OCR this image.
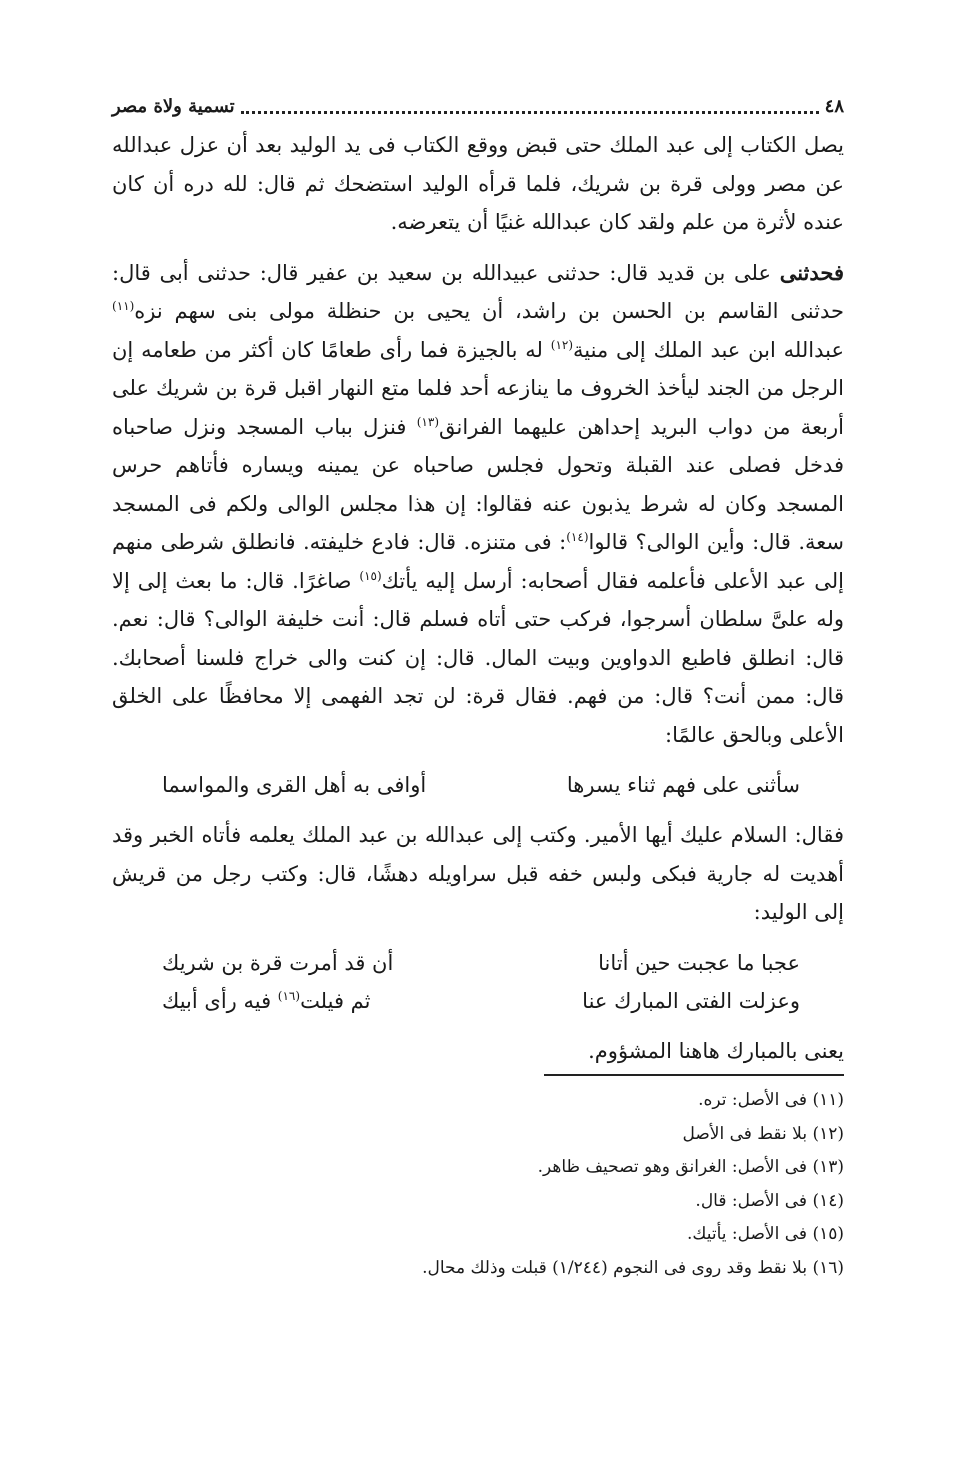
٤٨
تسمية ولاة مصر

يصل الكتاب إلى عبد الملك حتى قبض ووقع الكتاب فى يد الوليد بعد أن عزل عبدالله عن مصر وولى قرة بن شريك، فلما قرأه الوليد استضحك ثم قال: لله دره أن كان عنده لأثرة من علم ولقد كان عبدالله غنيًا أن يتعرضه.

فحدثنى على بن قديد قال: حدثنى عبيدالله بن سعيد بن عفير قال: حدثنى أبى قال: حدثنى القاسم بن الحسن بن راشد، أن يحيى بن حنظلة مولى بنى سهم نزه$^{(١١)}$ عبدالله ابن عبد الملك إلى منية$^{(١٢)}$ له بالجيزة فما رأى طعامًا كان أكثر من طعامه إن الرجل من الجند ليأخذ الخروف ما ينازعه أحد فلما متع النهار اقبل قرة بن شريك على أربعة من دواب البريد إحداهن عليهما الفرانق$^{(١٣)}$ فنزل بباب المسجد ونزل صاحباه فدخل فصلى عند القبلة وتحول فجلس صاحباه عن يمينه ويساره فأتاهم حرس المسجد وكان له شرط يذبون عنه فقالوا: إن هذا مجلس الوالى ولكم فى المسجد سعة. قال: وأين الوالى؟ قالوا$^{(١٤)}$: فى متنزه. قال: فادع خليفته. فانطلق شرطى منهم إلى عبد الأعلى فأعلمه فقال أصحابه: أرسل إليه يأتك$^{(١٥)}$ صاغرًا. قال: ما بعث إلى إلا وله علىَّ سلطان أسرجوا، فركب حتى أتاه فسلم قال: أنت خليفة الوالى؟ قال: نعم. قال: انطلق فاطبع الدواوين وبيت المال. قال: إن كنت والى خراج فلسنا أصحابك. قال: ممن أنت؟ قال: من فهم. فقال قرة: لن تجد الفهمى إلا محافظًا على الخلق الأعلى وبالحق عالمًا:

سأثنى على فهم ثناء يسرها
أوافى به أهل القرى والمواسما

فقال: السلام عليك أيها الأمير. وكتب إلى عبدالله بن عبد الملك يعلمه فأتاه الخبر وقد أهديت له جارية فبكى ولبس خفه قبل سراويله دهشًا، قال: وكتب رجل من قريش إلى الوليد:

عجبا ما عجبت حين أتانا
أن قد أمرت قرة بن شريك
وعزلت الفتى المبارك عنا
ثم فيلت$^{(١٦)}$ فيه رأى أبيك

يعنى بالمبارك هاهنا المشؤوم.

(١١) فى الأصل: تره.

(١٢) بلا نقط فى الأصل

(١٣) فى الأصل: الغرانق وهو تصحيف ظاهر.

(١٤) فى الأصل: قال.

(١٥) فى الأصل: يأتيك.

(١٦) بلا نقط وقد روى فى النجوم (١/٢٤٤) قبلت وذلك محال.
